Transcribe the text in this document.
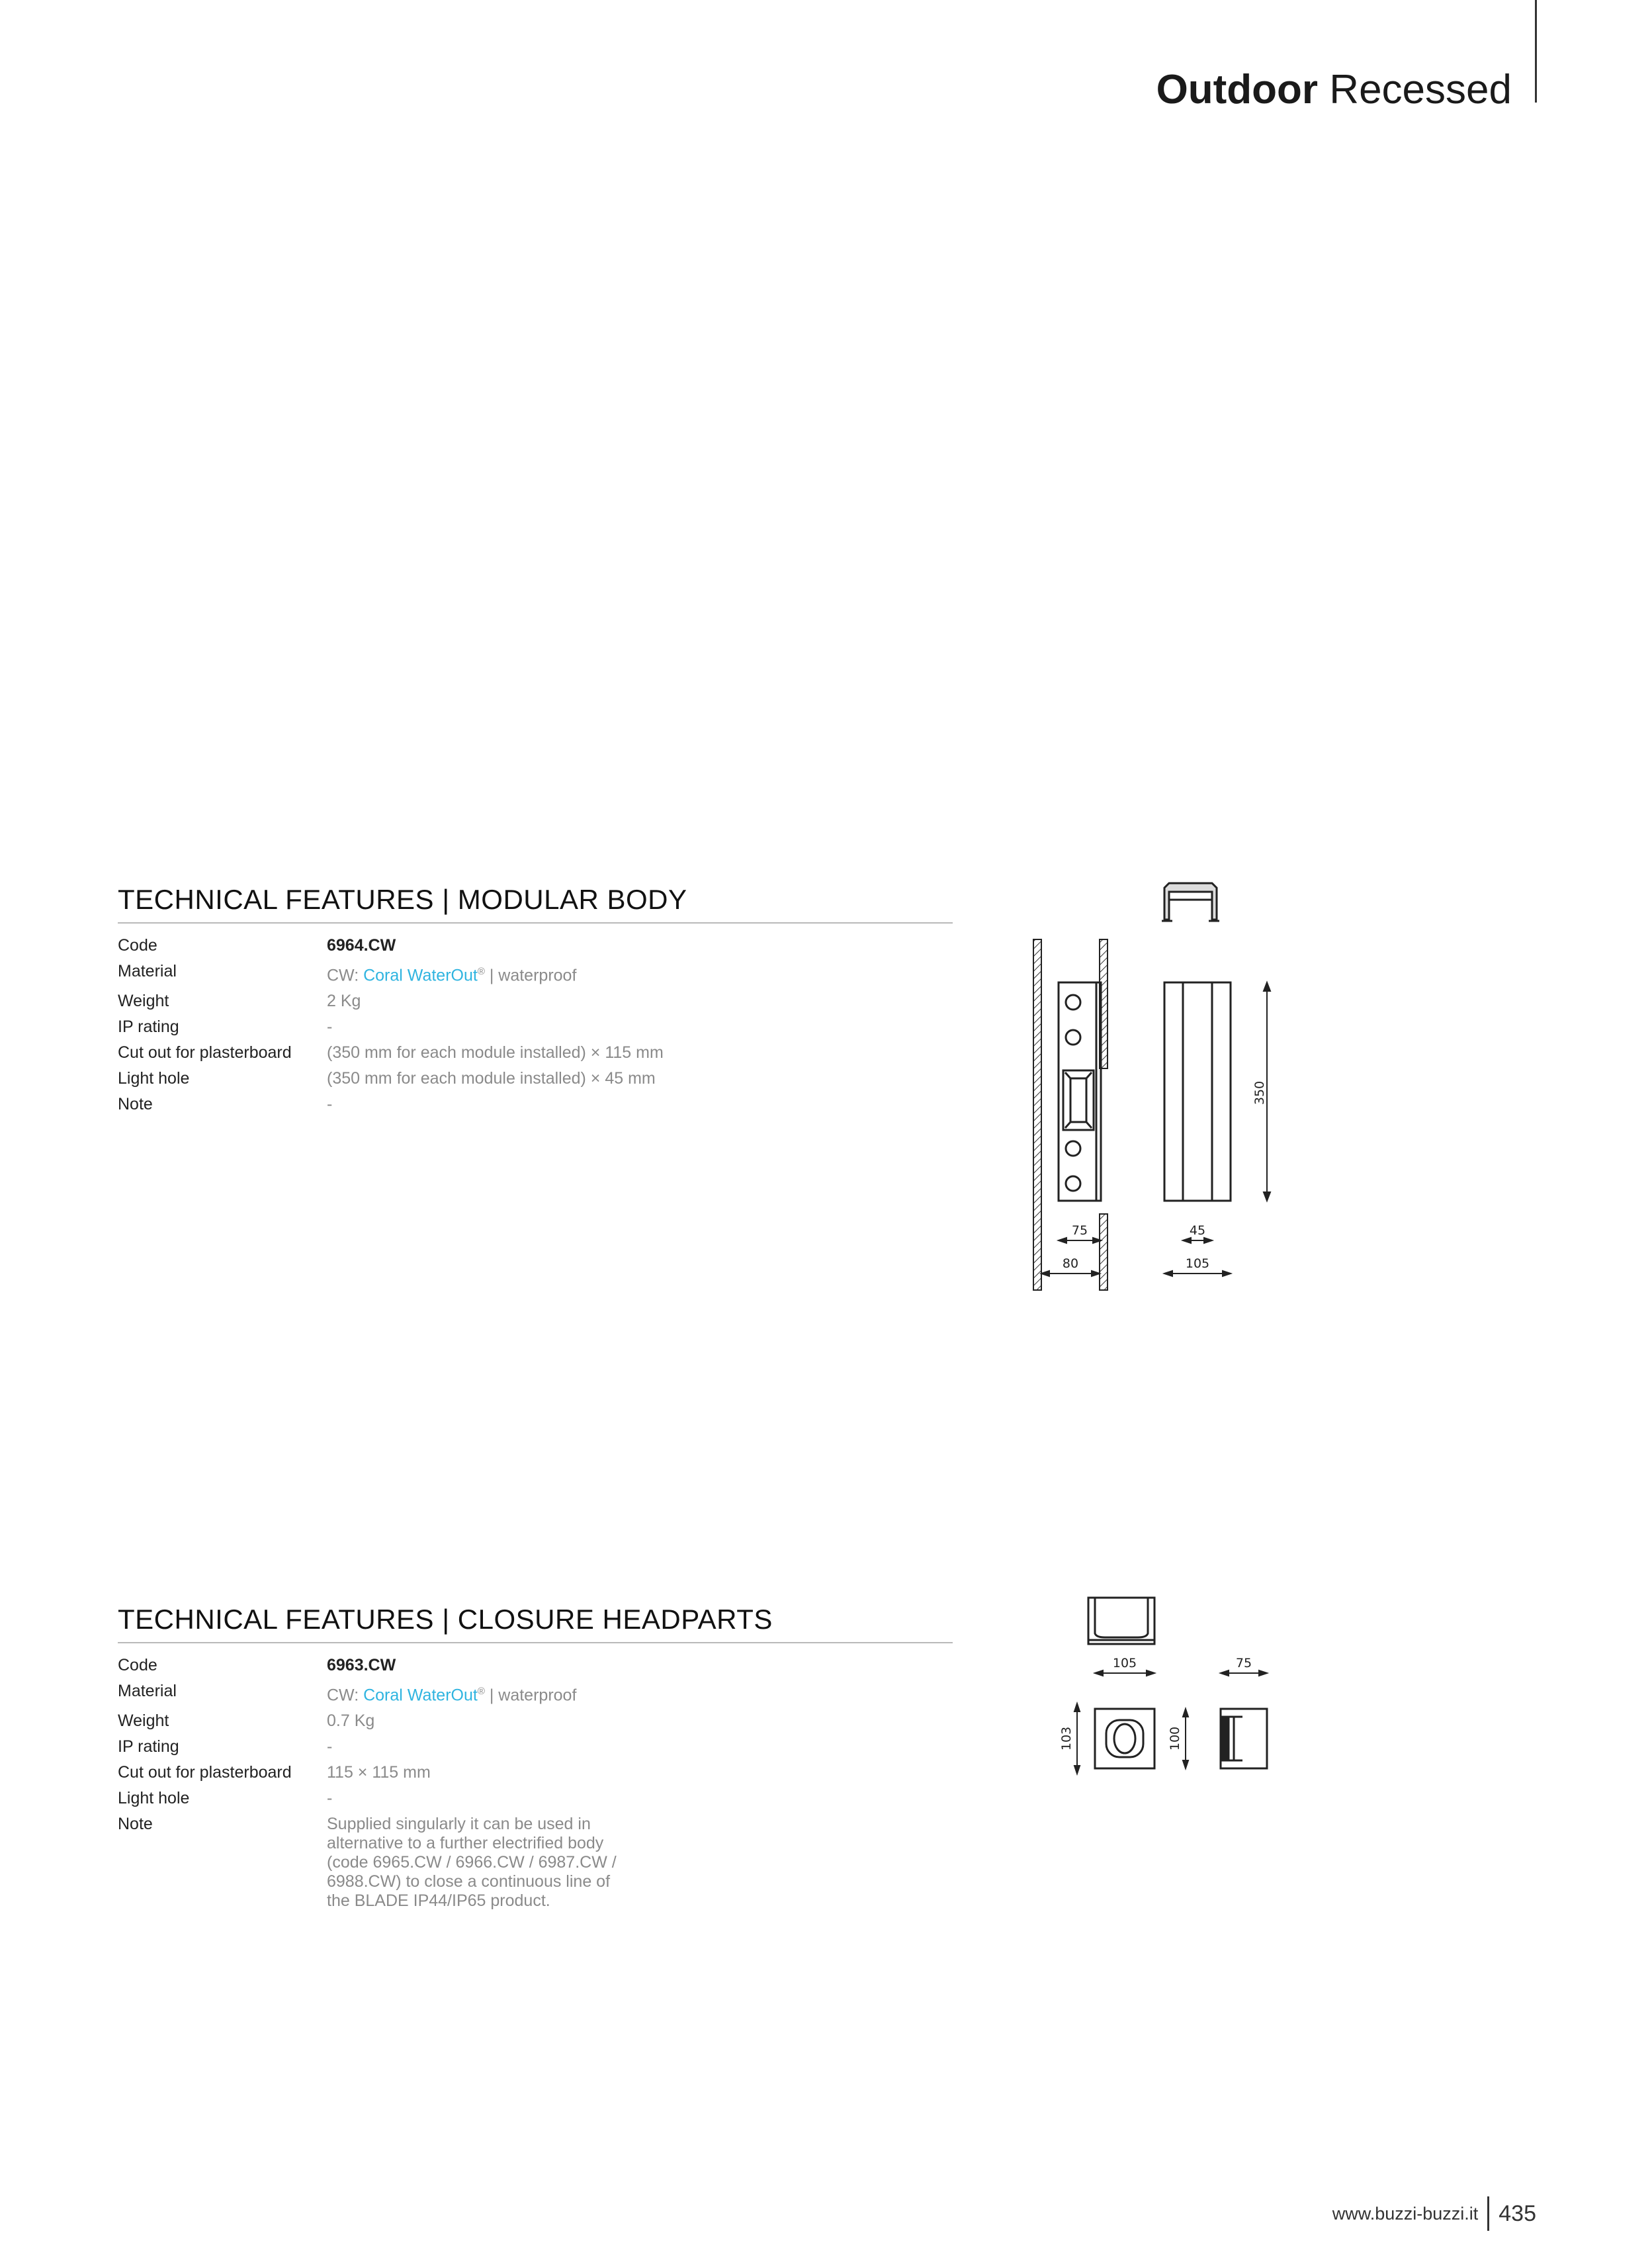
Outdoor Recessed
TECHNICAL FEATURES | MODULAR BODY
Code	6964.CW
Material	CW: Coral WaterOut® | waterproof
Weight	2 Kg
IP rating	-
Cut out for plasterboard	(350 mm for each module installed) × 115 mm
Light hole	(350 mm for each module installed) × 45 mm
Note	-	350
75
80
45
105
TECHNICAL FEATURES | CLOSURE HEADPARTS
Code	6963.CW
Material	CW: Coral WaterOut® | waterproof
Weight	0.7 Kg
IP rating	-
Cut out for plasterboard	115 × 115 mm
Light hole	-
Note	Supplied singularly it can be used in alternative to a further electrified body (code 6965.CW / 6966.CW / 6987.CW / 6988.CW) to close a continuous line of the BLADE IP44/IP65 product.
105	75
103	100
www.buzzi-buzzi.it 435
